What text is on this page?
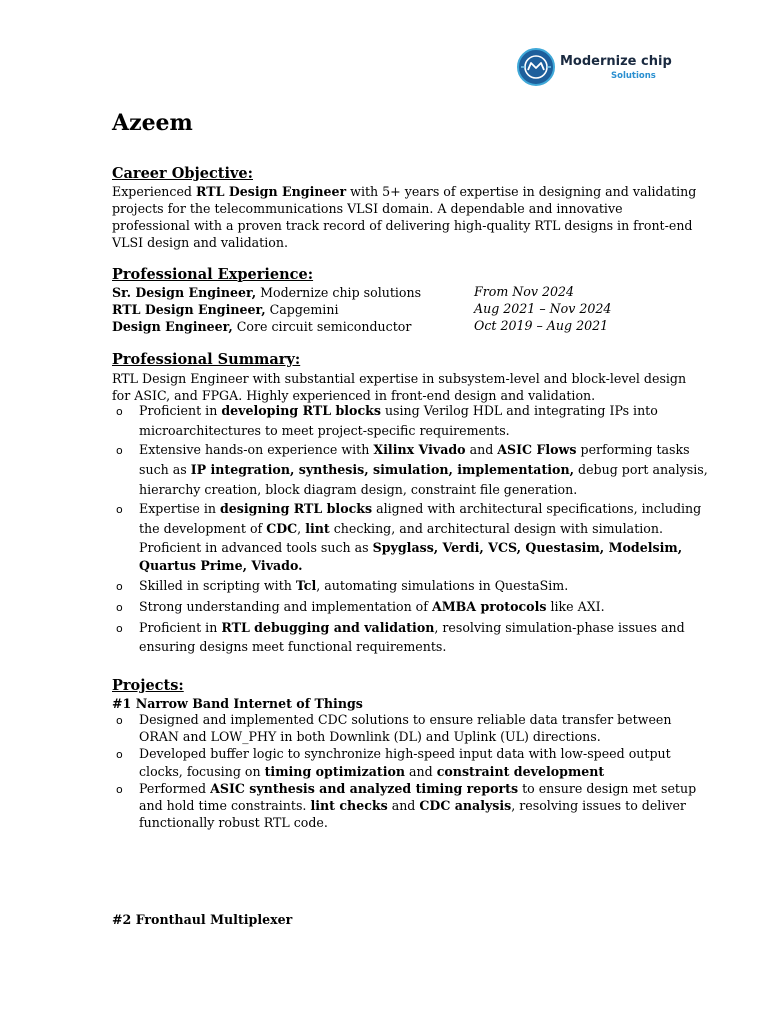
Modernize chip
Solutions
Azeem
Career Objective:
Experienced RTL Design Engineer with 5+ years of expertise in designing and validating
projects for the telecommunications VLSI domain. A dependable and innovative
professional with a proven track record of delivering high-quality RTL designs in front-end
VLSI design and validation.
Professional Experience:
Sr. Design Engineer, Modernize chip solutions	From Nov 2024
RTL Design Engineer, Capgemini	Aug 2021 – Nov 2024
Design Engineer, Core circuit semiconductor	Oct 2019 – Aug 2021
Professional Summary:
RTL Design Engineer with substantial expertise in subsystem-level and block-level design
for ASIC, and FPGA. Highly experienced in front-end design and validation.
o Proficient in developing RTL blocks using Verilog HDL and integrating IPs into
microarchitectures to meet project-specific requirements.
o Extensive hands-on experience with Xilinx Vivado and ASIC Flows performing tasks
such as IP integration, synthesis, simulation, implementation, debug port analysis,
hierarchy creation, block diagram design, constraint file generation.
o Expertise in designing RTL blocks aligned with architectural specifications, including
the development of CDC, lint checking, and architectural design with simulation.
Proficient in advanced tools such as Spyglass, Verdi, VCS, Questasim, Modelsim,
Quartus Prime, Vivado.
o Skilled in scripting with Tcl, automating simulations in QuestaSim.
o Strong understanding and implementation of AMBA protocols like AXI.
o Proficient in RTL debugging and validation, resolving simulation-phase issues and
ensuring designs meet functional requirements.
Projects:
#1 Narrow Band Internet of Things
o Designed and implemented CDC solutions to ensure reliable data transfer between
ORAN and LOW_PHY in both Downlink (DL) and Uplink (UL) directions.
o Developed buffer logic to synchronize high-speed input data with low-speed output
clocks, focusing on timing optimization and constraint development
o Performed ASIC synthesis and analyzed timing reports to ensure design met setup
and hold time constraints. lint checks and CDC analysis, resolving issues to deliver
functionally robust RTL code.
#2 Fronthaul Multiplexer
